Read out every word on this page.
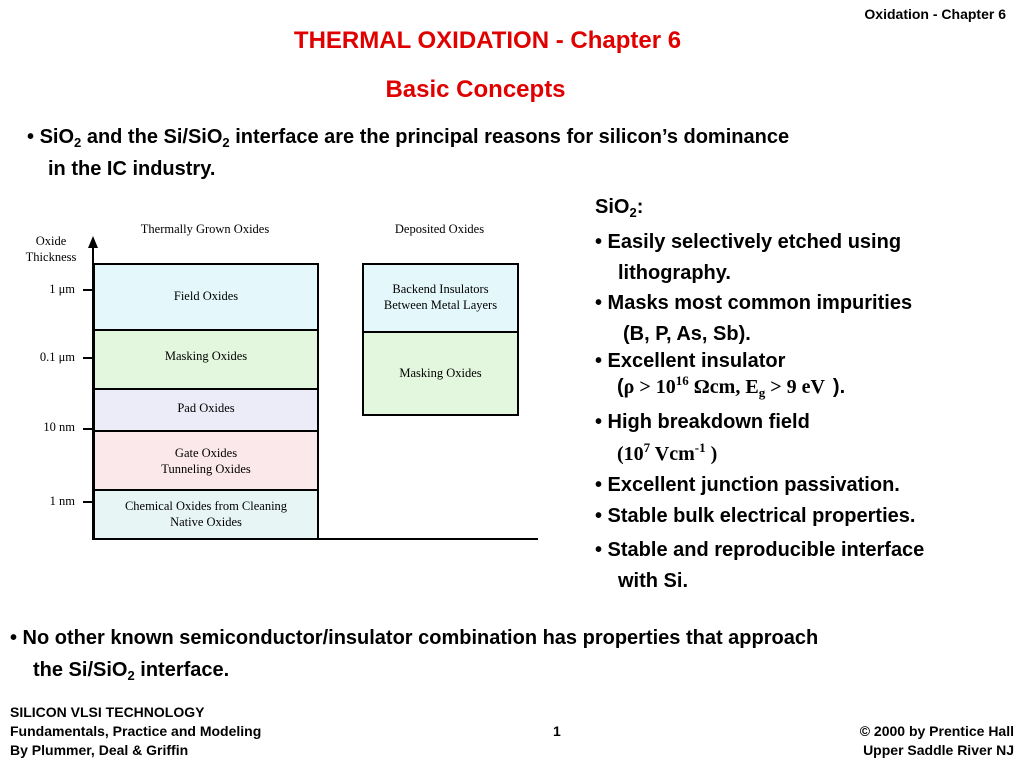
Oxidation - Chapter 6
THERMAL OXIDATION - Chapter 6
Basic Concepts
• SiO$_2$ and the Si/SiO$_2$ interface are the principal reasons for silicon’s dominance
in the IC industry.
Oxide
Thickness
Thermally Grown Oxides	Deposited Oxides
1 μm
0.1 μm
10 nm
1 nm
Field Oxides
Masking Oxides
Pad Oxides
Gate Oxides
Tunneling Oxides
Chemical Oxides from Cleaning
Native Oxides
Backend Insulators
Between Metal Layers
Masking Oxides
SiO$_2$:
• Easily selectively etched using
lithography.
• Masks most common impurities
(B, P, As, Sb).
• Excellent insulator
($\rho > 10^{16}$ Ωcm, $E_g > 9$ eV ).
• High breakdown field
($10^7$ Vcm$^{-1}$ )
• Excellent junction passivation.
• Stable bulk electrical properties.
• Stable and reproducible interface
with Si.
• No other known semiconductor/insulator combination has properties that approach
the Si/SiO$_2$ interface.
SILICON VLSI TECHNOLOGY
Fundamentals, Practice and Modeling
By Plummer, Deal & Griffin
1	© 2000 by Prentice Hall
Upper Saddle River NJ
